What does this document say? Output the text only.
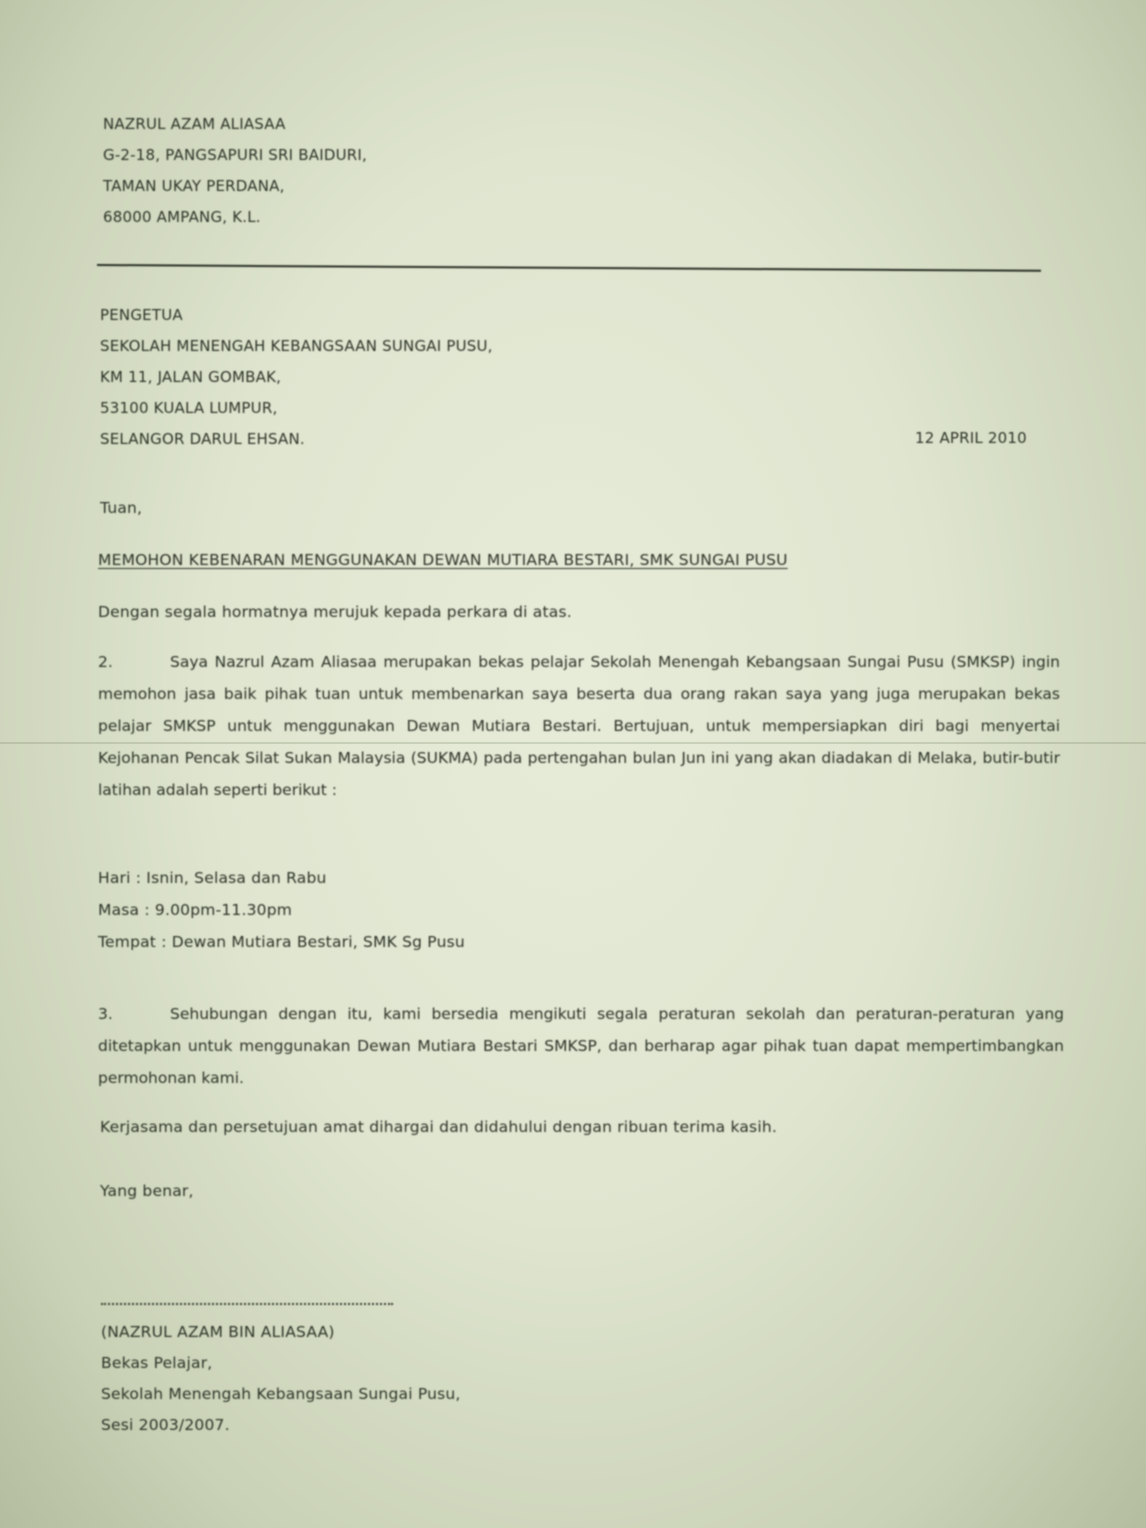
NAZRUL AZAM ALIASAA
G-2-18, PANGSAPURI SRI BAIDURI,
TAMAN UKAY PERDANA,
68000 AMPANG, K.L.
PENGETUA
SEKOLAH MENENGAH KEBANGSAAN SUNGAI PUSU,
KM 11, JALAN GOMBAK,
53100 KUALA LUMPUR,
SELANGOR DARUL EHSAN.	12 APRIL 2010
Tuan,
MEMOHON KEBENARAN MENGGUNAKAN DEWAN MUTIARA BESTARI, SMK SUNGAI PUSU
Dengan segala hormatnya merujuk kepada perkara di atas.
2.	Saya Nazrul Azam Aliasaa merupakan bekas pelajar Sekolah Menengah Kebangsaan Sungai Pusu (SMKSP) ingin memohon jasa baik pihak tuan untuk membenarkan saya beserta dua orang rakan saya yang juga merupakan bekas pelajar SMKSP untuk menggunakan Dewan Mutiara Bestari. Bertujuan, untuk mempersiapkan diri bagi menyertai Kejohanan Pencak Silat Sukan Malaysia (SUKMA) pada pertengahan bulan Jun ini yang akan diadakan di Melaka, butir-butir latihan adalah seperti berikut :
Hari : Isnin, Selasa dan Rabu
Masa : 9.00pm-11.30pm
Tempat : Dewan Mutiara Bestari, SMK Sg Pusu
3.	Sehubungan dengan itu, kami bersedia mengikuti segala peraturan sekolah dan peraturan-peraturan yang ditetapkan untuk menggunakan Dewan Mutiara Bestari SMKSP, dan berharap agar pihak tuan dapat mempertimbangkan permohonan kami.
Kerjasama dan persetujuan amat dihargai dan didahului dengan ribuan terima kasih.
Yang benar,
(NAZRUL AZAM BIN ALIASAA)
Bekas Pelajar,
Sekolah Menengah Kebangsaan Sungai Pusu,
Sesi 2003/2007.
